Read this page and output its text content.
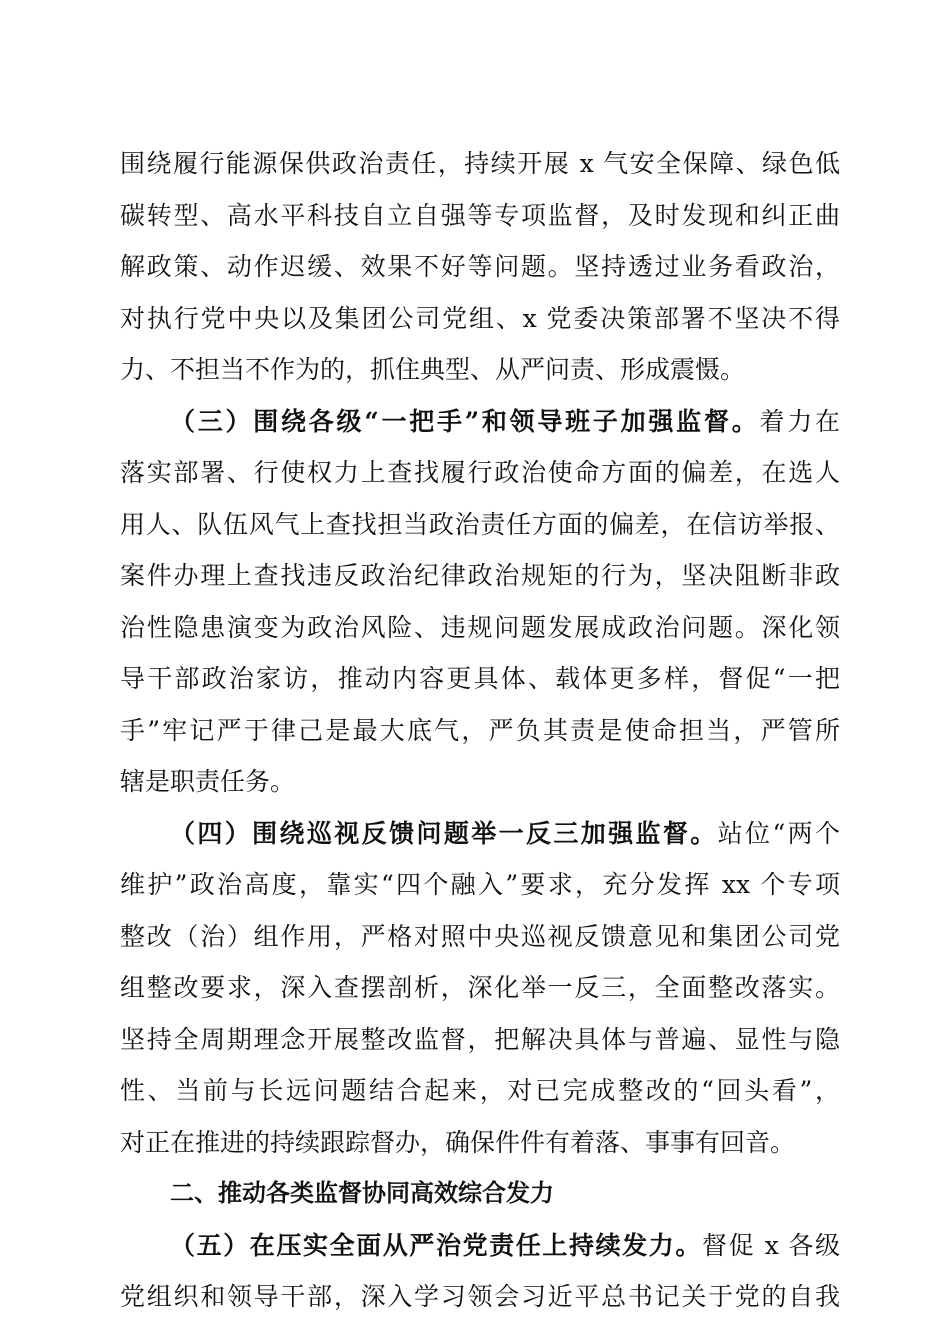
围绕履行能源保供政治责任，持续开展 x 气安全保障、绿色低
碳转型、高水平科技自立自强等专项监督，及时发现和纠正曲
解政策、动作迟缓、效果不好等问题。坚持透过业务看政治，
对执行党中央以及集团公司党组、x 党委决策部署不坚决不得
力、不担当不作为的，抓住典型、从严问责、形成震慑。
（三）围绕各级“一把手”和领导班子加强监督。着力在
落实部署、行使权力上查找履行政治使命方面的偏差，在选人
用人、队伍风气上查找担当政治责任方面的偏差，在信访举报、
案件办理上查找违反政治纪律政治规矩的行为，坚决阻断非政
治性隐患演变为政治风险、违规问题发展成政治问题。深化领
导干部政治家访，推动内容更具体、载体更多样，督促“一把
手”牢记严于律己是最大底气，严负其责是使命担当，严管所
辖是职责任务。
（四）围绕巡视反馈问题举一反三加强监督。站位“两个
维护”政治高度，靠实“四个融入”要求，充分发挥 xx 个专项
整改（治）组作用，严格对照中央巡视反馈意见和集团公司党
组整改要求，深入查摆剖析，深化举一反三，全面整改落实。
坚持全周期理念开展整改监督，把解决具体与普遍、显性与隐
性、当前与长远问题结合起来，对已完成整改的“回头看”，
对正在推进的持续跟踪督办，确保件件有着落、事事有回音。
二、推动各类监督协同高效综合发力
（五）在压实全面从严治党责任上持续发力。督促 x 各级
党组织和领导干部，深入学习领会习近平总书记关于党的自我
